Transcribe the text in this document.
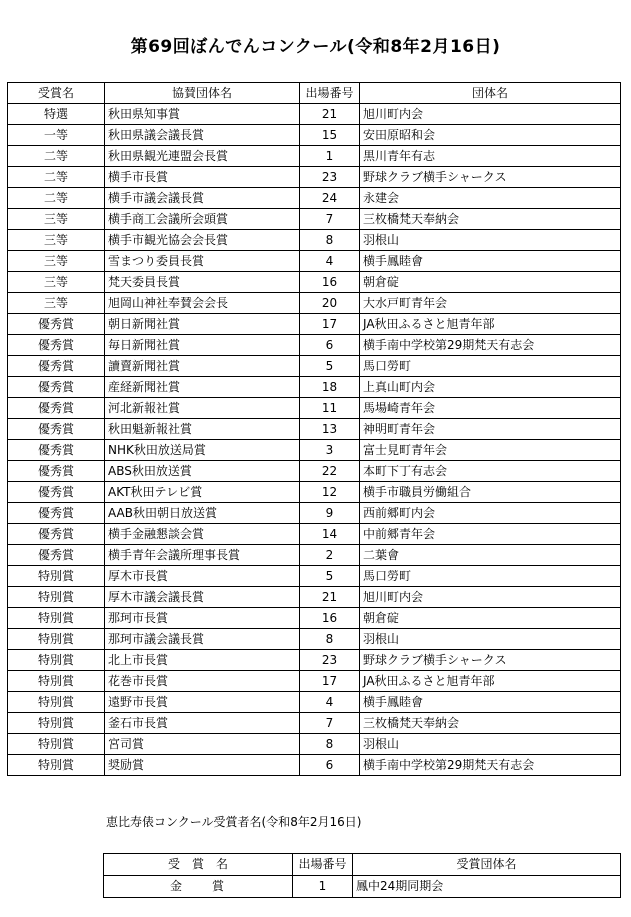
第69回ぼんでんコンクール(令和8年2月16日)
受賞名	協賛団体名	出場番号	団体名
特選	秋田県知事賞	21	旭川町内会
一等	秋田県議会議長賞	15	安田原昭和会
二等	秋田県観光連盟会長賞	1	黒川青年有志
二等	横手市長賞	23	野球クラブ横手シャークス
二等	横手市議会議長賞	24	永建会
三等	横手商工会議所会頭賞	7	三枚橋梵天奉納会
三等	横手市観光協会会長賞	8	羽根山
三等	雪まつり委員長賞	4	横手鳳睦會
三等	梵天委員長賞	16	朝倉碇
三等	旭岡山神社奉賛会会長	20	大水戸町青年会
優秀賞	朝日新聞社賞	17	JA秋田ふるさと旭青年部
優秀賞	毎日新聞社賞	6	横手南中学校第29期梵天有志会
優秀賞	讀賣新聞社賞	5	馬口勞町
優秀賞	産経新聞社賞	18	上真山町内会
優秀賞	河北新報社賞	11	馬場崎青年会
優秀賞	秋田魁新報社賞	13	神明町青年会
優秀賞	NHK秋田放送局賞	3	富士見町青年会
優秀賞	ABS秋田放送賞	22	本町下丁有志会
優秀賞	AKT秋田テレビ賞	12	横手市職員労働組合
優秀賞	AAB秋田朝日放送賞	9	西前郷町内会
優秀賞	横手金融懇談会賞	14	中前郷青年会
優秀賞	横手青年会議所理事長賞	2	二葉會
特別賞	厚木市長賞	5	馬口勞町
特別賞	厚木市議会議長賞	21	旭川町内会
特別賞	那珂市長賞	16	朝倉碇
特別賞	那珂市議会議長賞	8	羽根山
特別賞	北上市長賞	23	野球クラブ横手シャークス
特別賞	花巻市長賞	17	JA秋田ふるさと旭青年部
特別賞	遠野市長賞	4	横手鳳睦會
特別賞	釜石市長賞	7	三枚橋梵天奉納会
特別賞	宮司賞	8	羽根山
特別賞	奨励賞	6	横手南中学校第29期梵天有志会

恵比寿俵コンクール受賞者名(令和8年2月16日)

受　賞　名	出場番号	受賞団体名
金　　賞	1	鳳中24期同期会
